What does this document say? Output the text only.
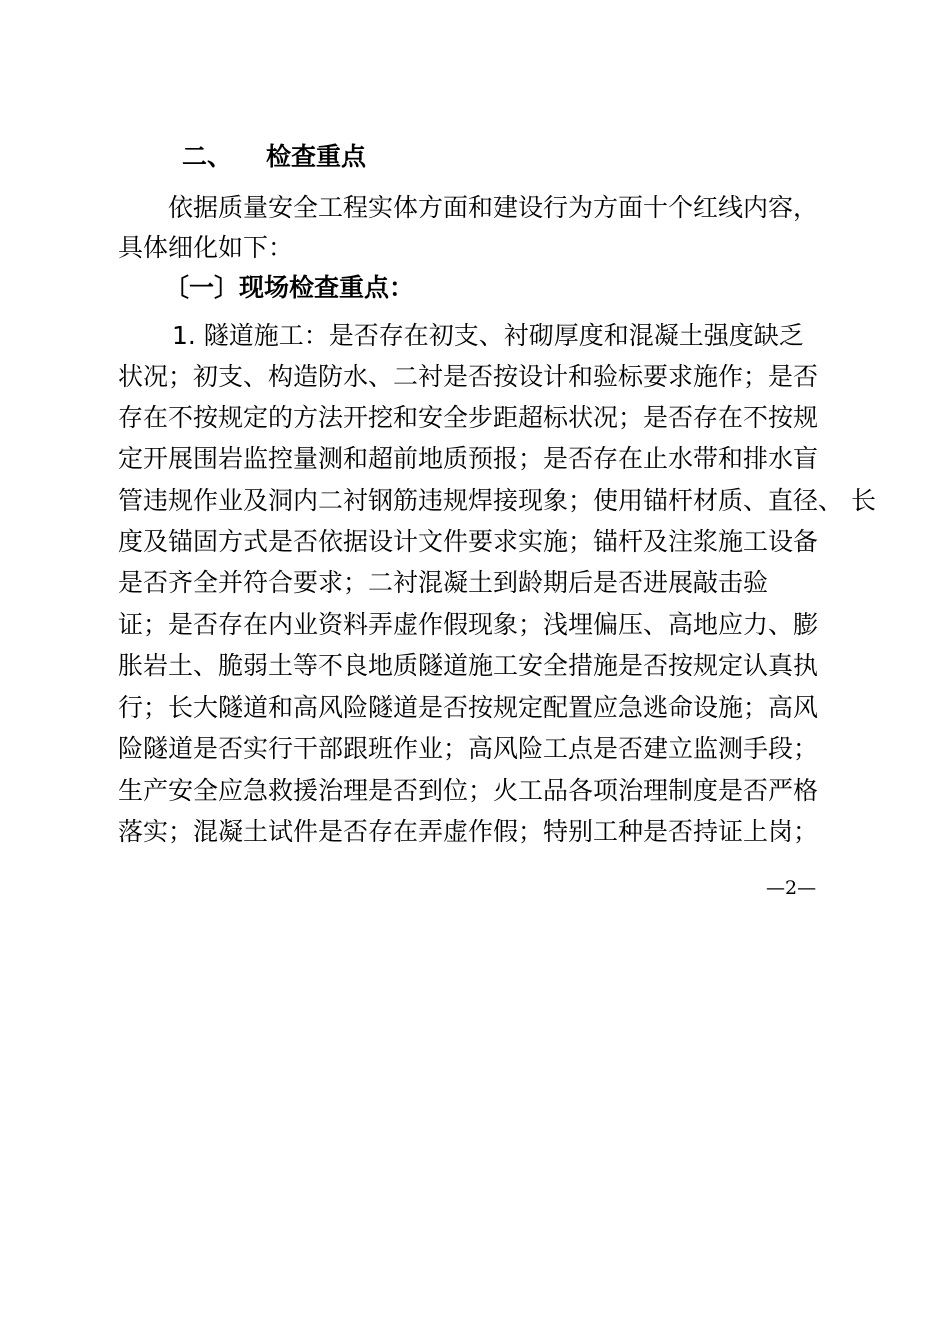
二、 检查重点
依据质量安全工程实体方面和建设行为方面十个红线内容，
具体细化如下：
〔一〕现场检查重点：
1. 隧道施工：是否存在初支、衬砌厚度和混凝土强度缺乏
状况；初支、构造防水、二衬是否按设计和验标要求施作；是否
存在不按规定的方法开挖和安全步距超标状况；是否存在不按规
定开展围岩监控量测和超前地质预报；是否存在止水带和排水盲
管违规作业及洞内二衬钢筋违规焊接现象；使用锚杆材质、直径、 长
度及锚固方式是否依据设计文件要求实施；锚杆及注浆施工设备
是否齐全并符合要求；二衬混凝土到龄期后是否进展敲击验
证；是否存在内业资料弄虚作假现象；浅埋偏压、高地应力、膨
胀岩土、脆弱土等不良地质隧道施工安全措施是否按规定认真执
行；长大隧道和高风险隧道是否按规定配置应急逃命设施；高风
险隧道是否实行干部跟班作业；高风险工点是否建立监测手段；
生产安全应急救援治理是否到位；火工品各项治理制度是否严格
落实；混凝土试件是否存在弄虚作假；特别工种是否持证上岗；
—2—
